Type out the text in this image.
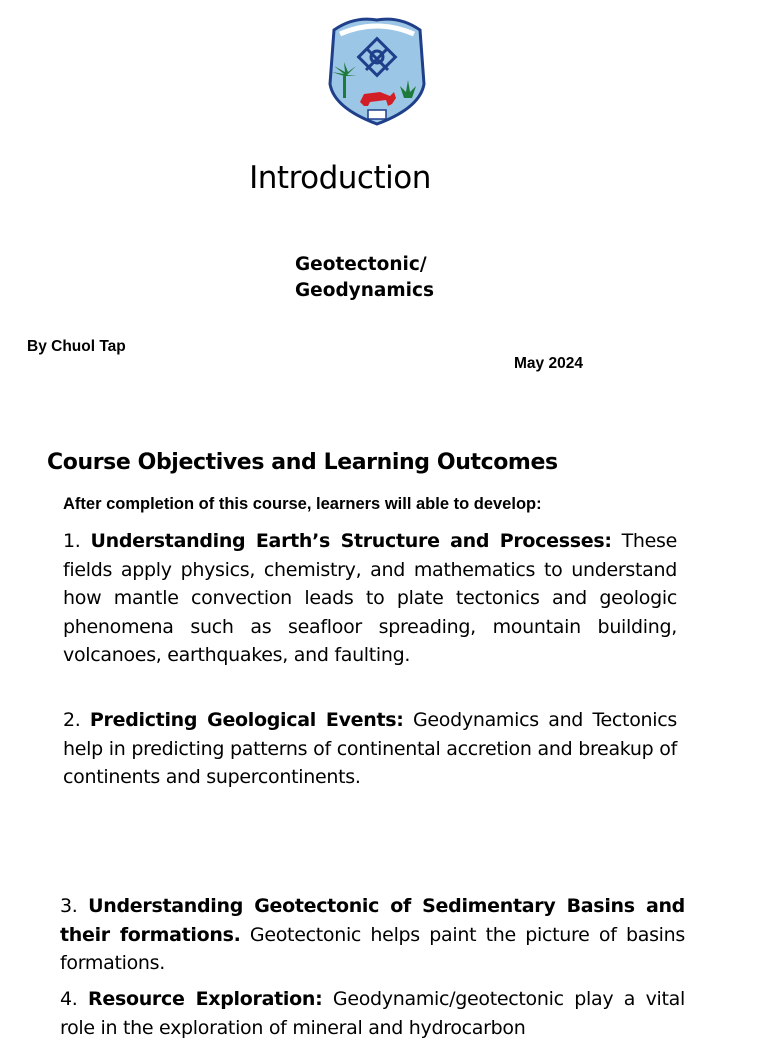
Introduction
Geotectonic/
Geodynamics
By Chuol Tap
May 2024
Course Objectives and Learning Outcomes
After completion of this course, learners will able to develop:
1. Understanding Earth’s Structure and Processes: These fields apply physics, chemistry, and mathematics to understand how mantle convection leads to plate tectonics and geologic phenomena such as seafloor spreading, mountain building, volcanoes, earthquakes, and faulting.
2. Predicting Geological Events: Geodynamics and Tectonics help in predicting patterns of continental accretion and breakup of continents and supercontinents.
3. Understanding Geotectonic of Sedimentary Basins and their formations. Geotectonic helps paint the picture of basins formations.
4. Resource Exploration: Geodynamic/geotectonic play a vital role in the exploration of mineral and hydrocarbon
